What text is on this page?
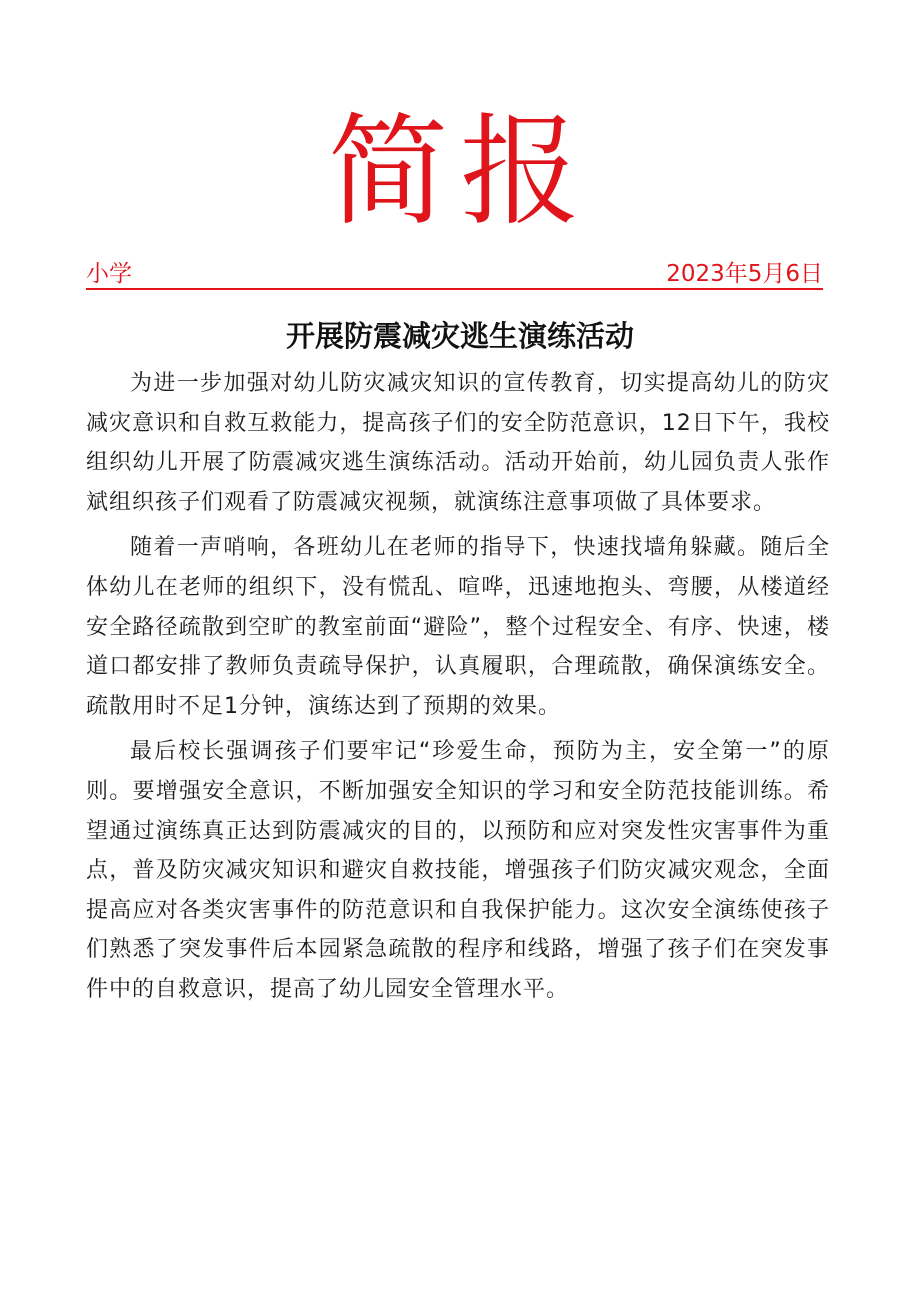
简报
小学	2023年5月6日
开展防震减灾逃生演练活动

为进一步加强对幼儿防灾减灾知识的宣传教育，切实提高幼儿的防灾减灾意识和自救互救能力，提高孩子们的安全防范意识，12日下午，我校组织幼儿开展了防震减灾逃生演练活动。活动开始前，幼儿园负责人张作斌组织孩子们观看了防震减灾视频，就演练注意事项做了具体要求。

随着一声哨响，各班幼儿在老师的指导下，快速找墙角躲藏。随后全体幼儿在老师的组织下，没有慌乱、喧哗，迅速地抱头、弯腰，从楼道经安全路径疏散到空旷的教室前面“避险”，整个过程安全、有序、快速，楼道口都安排了教师负责疏导保护，认真履职，合理疏散，确保演练安全。疏散用时不足1分钟，演练达到了预期的效果。

最后校长强调孩子们要牢记“珍爱生命，预防为主，安全第一”的原则。要增强安全意识，不断加强安全知识的学习和安全防范技能训练。希望通过演练真正达到防震减灾的目的，以预防和应对突发性灾害事件为重点，普及防灾减灾知识和避灾自救技能，增强孩子们防灾减灾观念，全面提高应对各类灾害事件的防范意识和自我保护能力。这次安全演练使孩子们熟悉了突发事件后本园紧急疏散的程序和线路，增强了孩子们在突发事件中的自救意识，提高了幼儿园安全管理水平。
